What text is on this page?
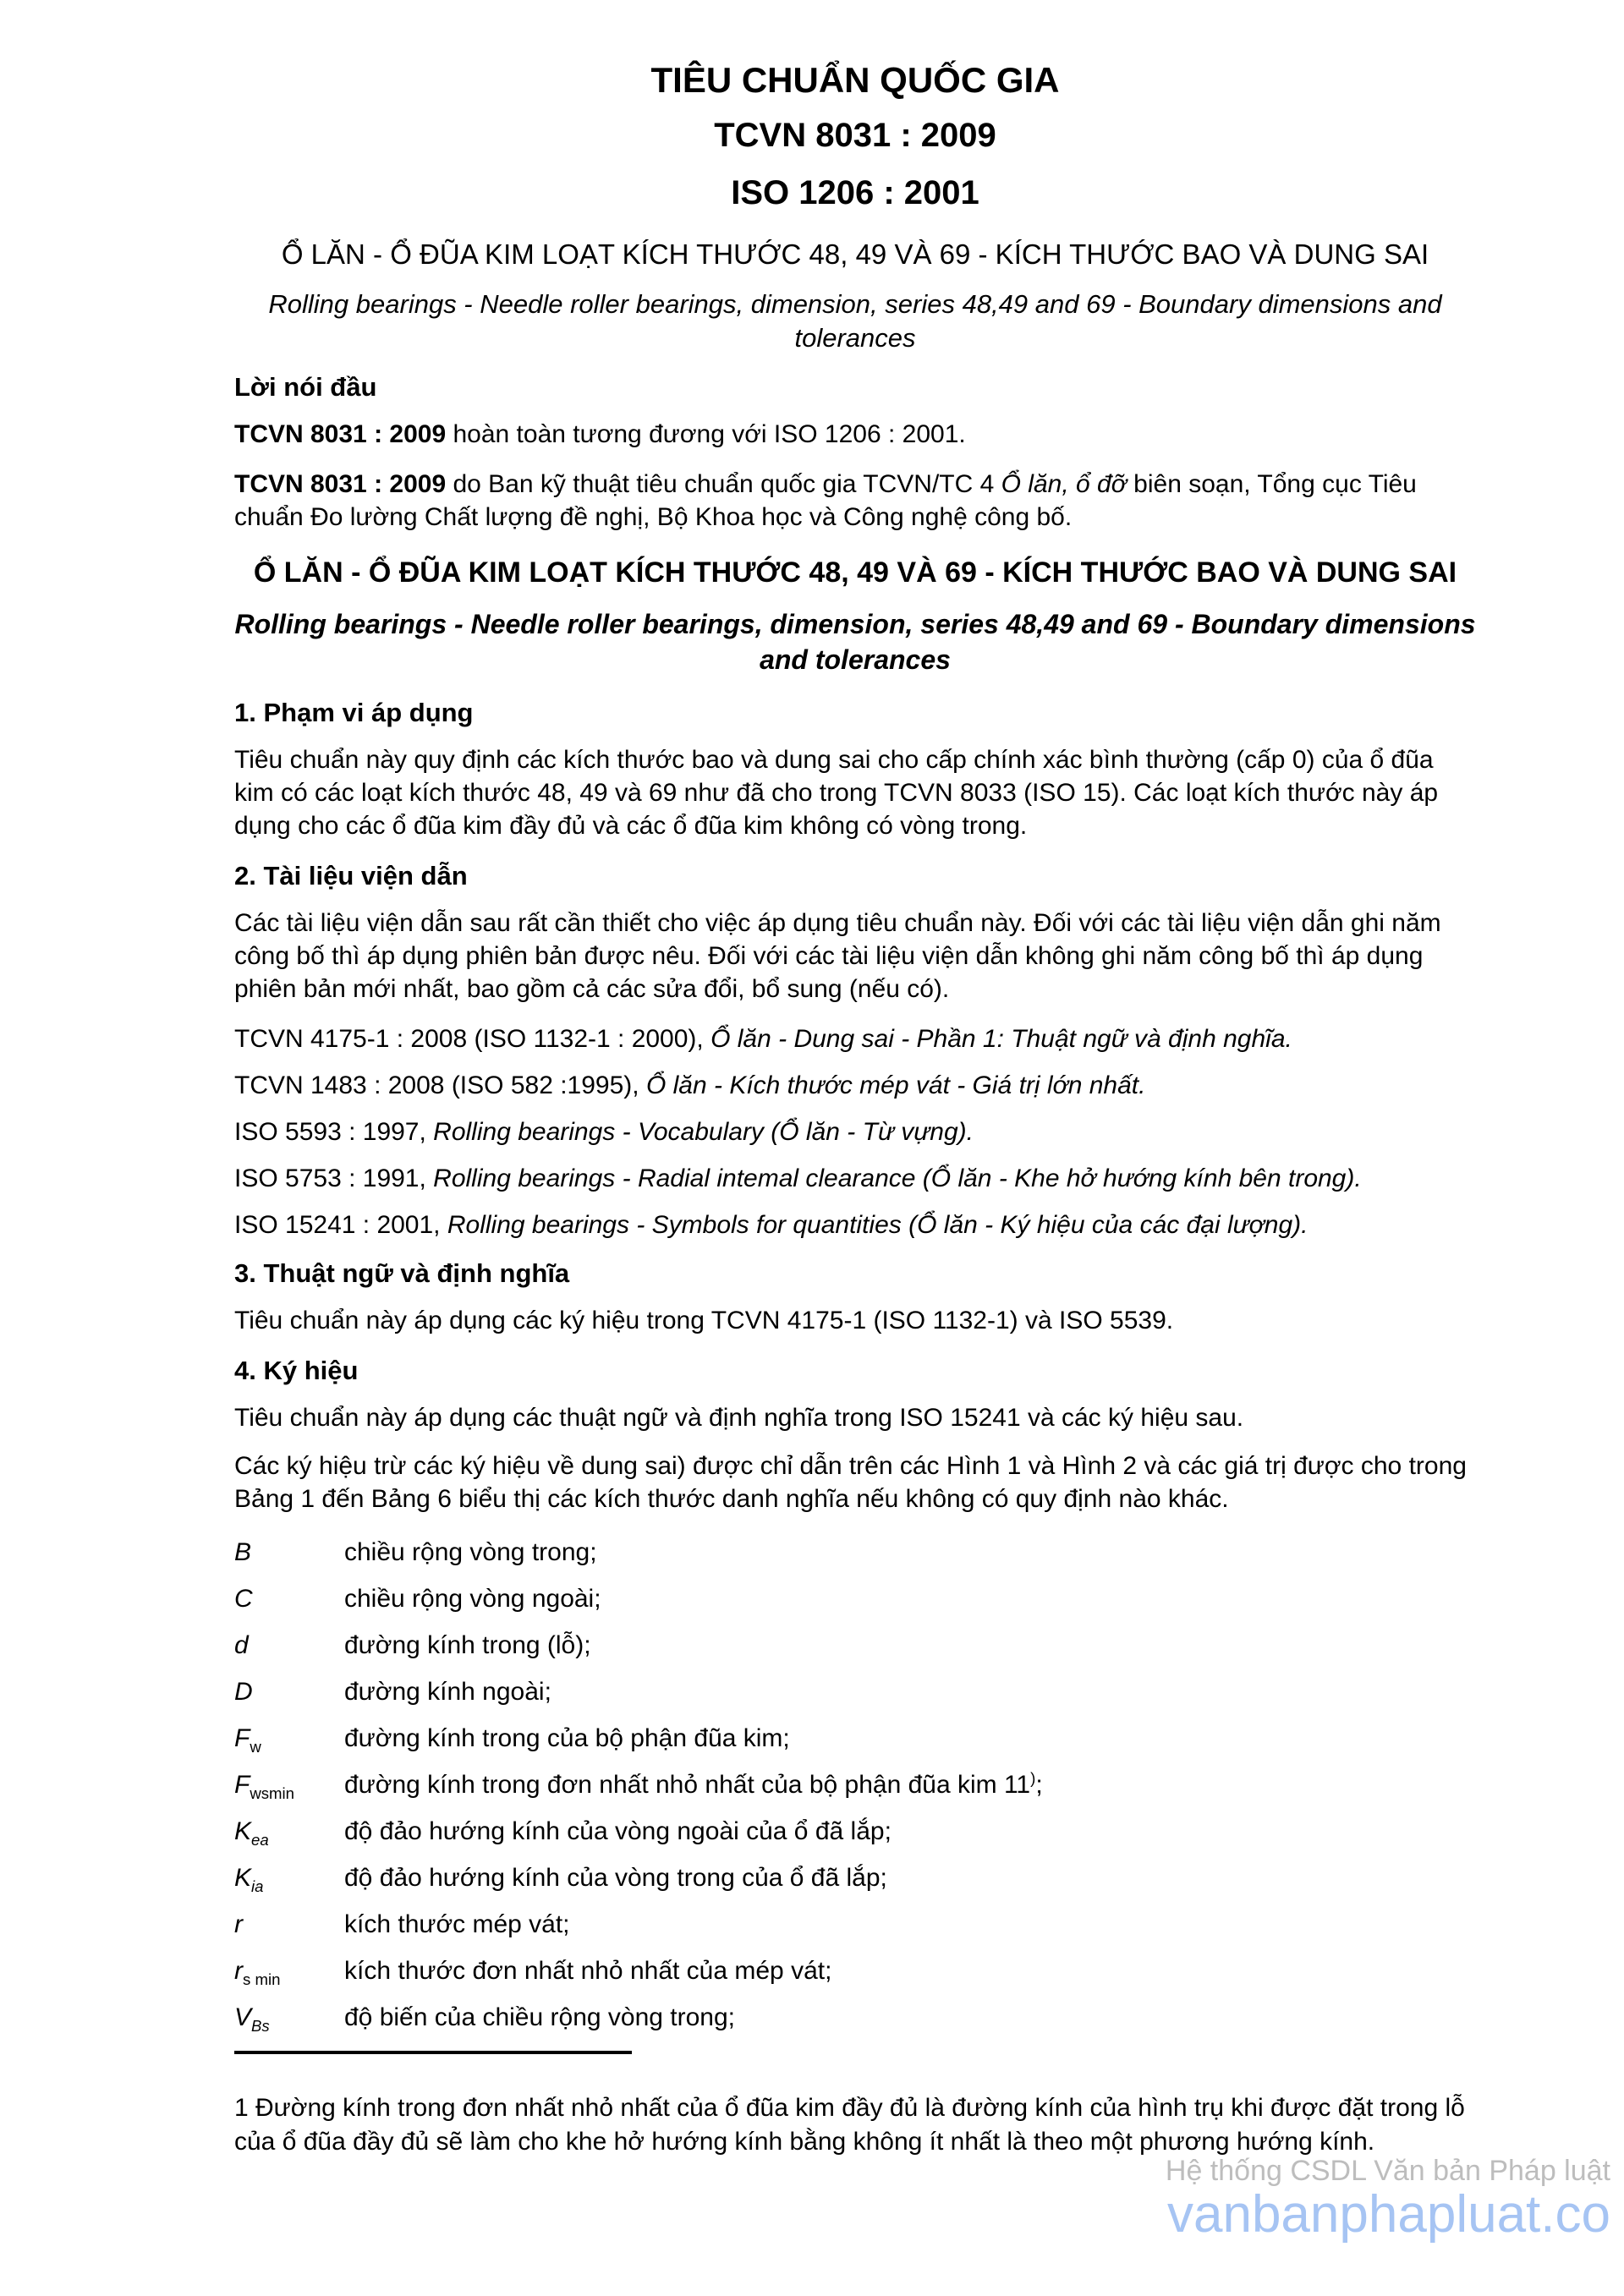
Hệ thống CSDL Văn bản Pháp luật
vanbanphapluat.co
TIÊU CHUẨN QUỐC GIA
TCVN 8031 : 2009
ISO 1206 : 2001
Ổ LĂN - Ổ ĐŨA KIM LOẠT KÍCH THƯỚC 48, 49 VÀ 69 - KÍCH THƯỚC BAO VÀ DUNG SAI
Rolling bearings - Needle roller bearings, dimension, series 48,49 and 69 - Boundary dimensions and tolerances
Lời nói đầu

TCVN 8031 : 2009 hoàn toàn tương đương với ISO 1206 : 2001.

TCVN 8031 : 2009 do Ban kỹ thuật tiêu chuẩn quốc gia TCVN/TC 4 Ổ lăn, ổ đỡ biên soạn, Tổng cục Tiêu chuẩn Đo lường Chất lượng đề nghị, Bộ Khoa học và Công nghệ công bố.

Ổ LĂN - Ổ ĐŨA KIM LOẠT KÍCH THƯỚC 48, 49 VÀ 69 - KÍCH THƯỚC BAO VÀ DUNG SAI
Rolling bearings - Needle roller bearings, dimension, series 48,49 and 69 - Boundary dimensions and tolerances
1. Phạm vi áp dụng

Tiêu chuẩn này quy định các kích thước bao và dung sai cho cấp chính xác bình thường (cấp 0) của ổ đũa kim có các loạt kích thước 48, 49 và 69 như đã cho trong TCVN 8033 (ISO 15). Các loạt kích thước này áp dụng cho các ổ đũa kim đầy đủ và các ổ đũa kim không có vòng trong.

2. Tài liệu viện dẫn

Các tài liệu viện dẫn sau rất cần thiết cho việc áp dụng tiêu chuẩn này. Đối với các tài liệu viện dẫn ghi năm công bố thì áp dụng phiên bản được nêu. Đối với các tài liệu viện dẫn không ghi năm công bố thì áp dụng phiên bản mới nhất, bao gồm cả các sửa đổi, bổ sung (nếu có).

TCVN 4175-1 : 2008 (ISO 1132-1 : 2000), Ổ lăn - Dung sai - Phần 1: Thuật ngữ và định nghĩa.

TCVN 1483 : 2008 (ISO 582 :1995), Ổ lăn - Kích thước mép vát - Giá trị lớn nhất.

ISO 5593 : 1997, Rolling bearings - Vocabulary (Ổ lăn - Từ vựng).

ISO 5753 : 1991, Rolling bearings - Radial intemal clearance (Ổ lăn - Khe hở hướng kính bên trong).

ISO 15241 : 2001, Rolling bearings - Symbols for quantities (Ổ lăn - Ký hiệu của các đại lượng).

3. Thuật ngữ và định nghĩa

Tiêu chuẩn này áp dụng các ký hiệu trong TCVN 4175-1 (ISO 1132-1) và ISO 5539.

4. Ký hiệu

Tiêu chuẩn này áp dụng các thuật ngữ và định nghĩa trong ISO 15241 và các ký hiệu sau.

Các ký hiệu trừ các ký hiệu về dung sai) được chỉ dẫn trên các Hình 1 và Hình 2 và các giá trị được cho trong Bảng 1 đến Bảng 6 biểu thị các kích thước danh nghĩa nếu không có quy định nào khác.

B	chiều rộng vòng trong;
C	chiều rộng vòng ngoài;
d	đường kính trong (lỗ);
D	đường kính ngoài;
$F_w$	đường kính trong của bộ phận đũa kim;
$F_{wsmin}$	đường kính trong đơn nhất nhỏ nhất của bộ phận đũa kim 11);
$K_{ea}$	độ đảo hướng kính của vòng ngoài của ổ đã lắp;
$K_{ia}$	độ đảo hướng kính của vòng trong của ổ đã lắp;
r	kích thước mép vát;
$r_{s min}$	kích thước đơn nhất nhỏ nhất của mép vát;
$V_{Bs}$	độ biến của chiều rộng vòng trong;

1 Đường kính trong đơn nhất nhỏ nhất của ổ đũa kim đầy đủ là đường kính của hình trụ khi được đặt trong lỗ của ổ đũa đầy đủ sẽ làm cho khe hở hướng kính bằng không ít nhất là theo một phương hướng kính.
